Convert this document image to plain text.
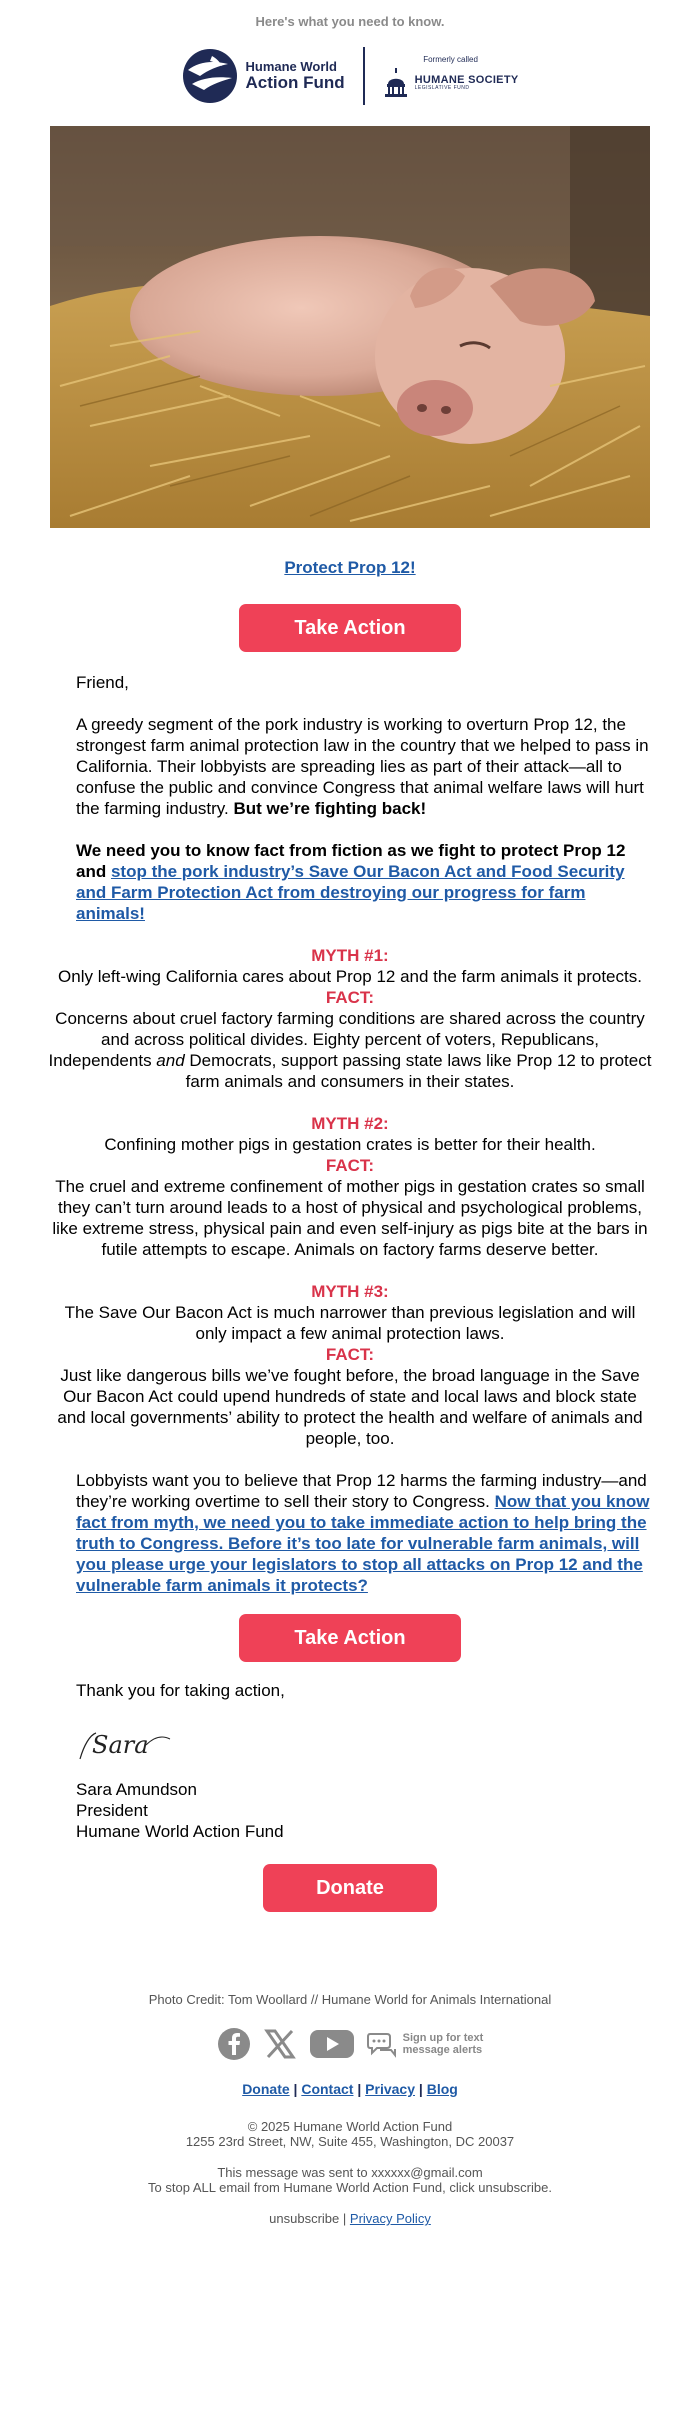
Here's what you need to know.
Humane World
Action Fund
Formerly called
HUMANE SOCIETY
LEGISLATIVE FUND
Protect Prop 12!
Take Action

Friend,

A greedy segment of the pork industry is working to overturn Prop 12, the strongest farm animal protection law in the country that we helped to pass in California. Their lobbyists are spreading lies as part of their attack—all to confuse the public and convince Congress that animal welfare laws will hurt the farming industry. But we’re fighting back!

We need you to know fact from fiction as we fight to protect Prop 12 and stop the pork industry’s Save Our Bacon Act and Food Security and Farm Protection Act from destroying our progress for farm animals!

MYTH #1:
Only left-wing California cares about Prop 12 and the farm animals it protects.
FACT:
Concerns about cruel factory farming conditions are shared across the country and across political divides. Eighty percent of voters, Republicans, Independents and Democrats, support passing state laws like Prop 12 to protect farm animals and consumers in their states.
MYTH #2:
Confining mother pigs in gestation crates is better for their health.
FACT:
The cruel and extreme confinement of mother pigs in gestation crates so small they can’t turn around leads to a host of physical and psychological problems, like extreme stress, physical pain and even self-injury as pigs bite at the bars in futile attempts to escape. Animals on factory farms deserve better.
MYTH #3:
The Save Our Bacon Act is much narrower than previous legislation and will only impact a few animal protection laws.
FACT:
Just like dangerous bills we’ve fought before, the broad language in the Save Our Bacon Act could upend hundreds of state and local laws and block state and local governments’ ability to protect the health and welfare of animals and people, too.

Lobbyists want you to believe that Prop 12 harms the farming industry—and they’re working overtime to sell their story to Congress. Now that you know fact from myth, we need you to take immediate action to help bring the truth to Congress. Before it’s too late for vulnerable farm animals, will you please urge your legislators to stop all attacks on Prop 12 and the vulnerable farm animals it protects?

Take Action

Thank you for taking action,

Sara

Sara Amundson

President

Humane World Action Fund

Donate
Photo Credit: Tom Woollard // Humane World for Animals International
Sign up for text
message alerts
Donate | Contact | Privacy | Blog
© 2025 Humane World Action Fund
1255 23rd Street, NW, Suite 455, Washington, DC 20037
This message was sent to xxxxxx@gmail.com
To stop ALL email from Humane World Action Fund, click unsubscribe.
unsubscribe | Privacy Policy
